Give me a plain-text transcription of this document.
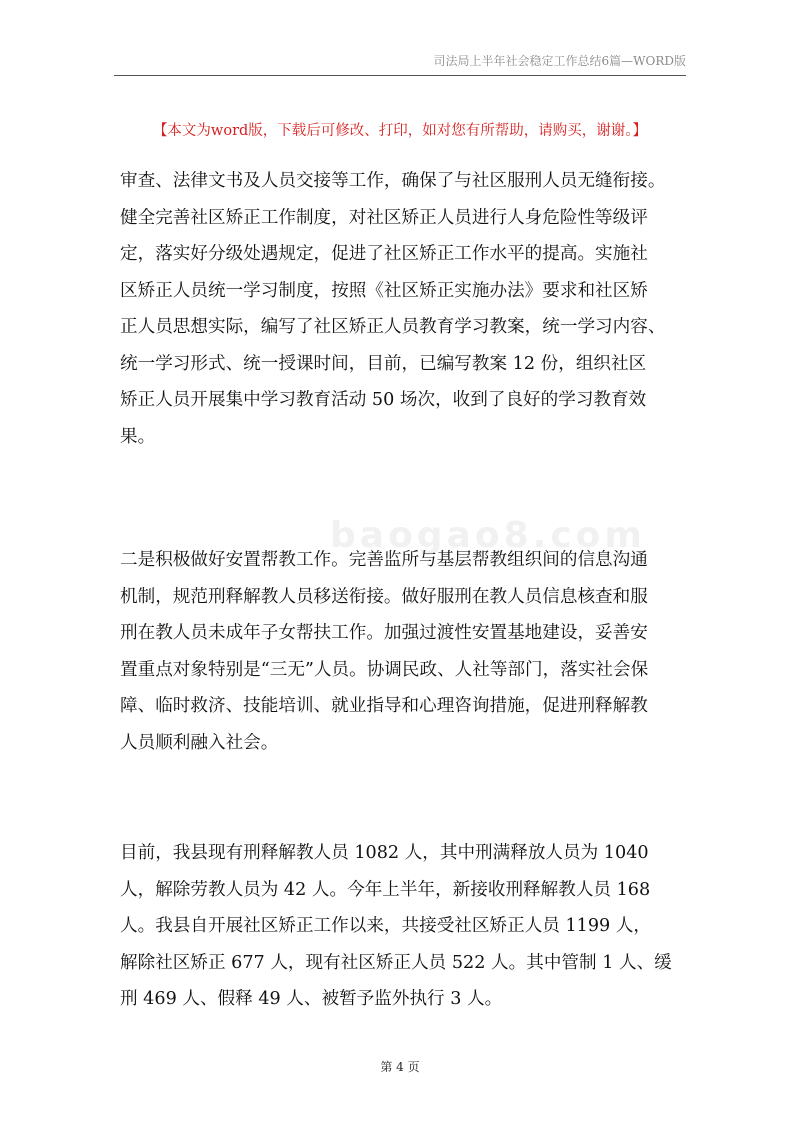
司法局上半年社会稳定工作总结6篇—WORD版
【本文为word版，下载后可修改、打印，如对您有所帮助，请购买，谢谢。】
baogao8.com
审查、法律文书及人员交接等工作，确保了与社区服刑人员无缝衔接。
健全完善社区矫正工作制度，对社区矫正人员进行人身危险性等级评
定，落实好分级处遇规定，促进了社区矫正工作水平的提高。实施社
区矫正人员统一学习制度，按照《社区矫正实施办法》要求和社区矫
正人员思想实际，编写了社区矫正人员教育学习教案，统一学习内容、
统一学习形式、统一授课时间，目前，已编写教案 12 份，组织社区
矫正人员开展集中学习教育活动 50 场次，收到了良好的学习教育效
果。
二是积极做好安置帮教工作。完善监所与基层帮教组织间的信息沟通
机制，规范刑释解教人员移送衔接。做好服刑在教人员信息核查和服
刑在教人员未成年子女帮扶工作。加强过渡性安置基地建设，妥善安
置重点对象特别是“三无”人员。协调民政、人社等部门，落实社会保
障、临时救济、技能培训、就业指导和心理咨询措施，促进刑释解教
人员顺利融入社会。
目前，我县现有刑释解教人员 1082 人，其中刑满释放人员为 1040
人，解除劳教人员为 42 人。今年上半年，新接收刑释解教人员 168
人。我县自开展社区矫正工作以来，共接受社区矫正人员 1199 人，
解除社区矫正 677 人，现有社区矫正人员 522 人。其中管制 1 人、缓
刑 469 人、假释 49 人、被暂予监外执行 3 人。
第 4 页
